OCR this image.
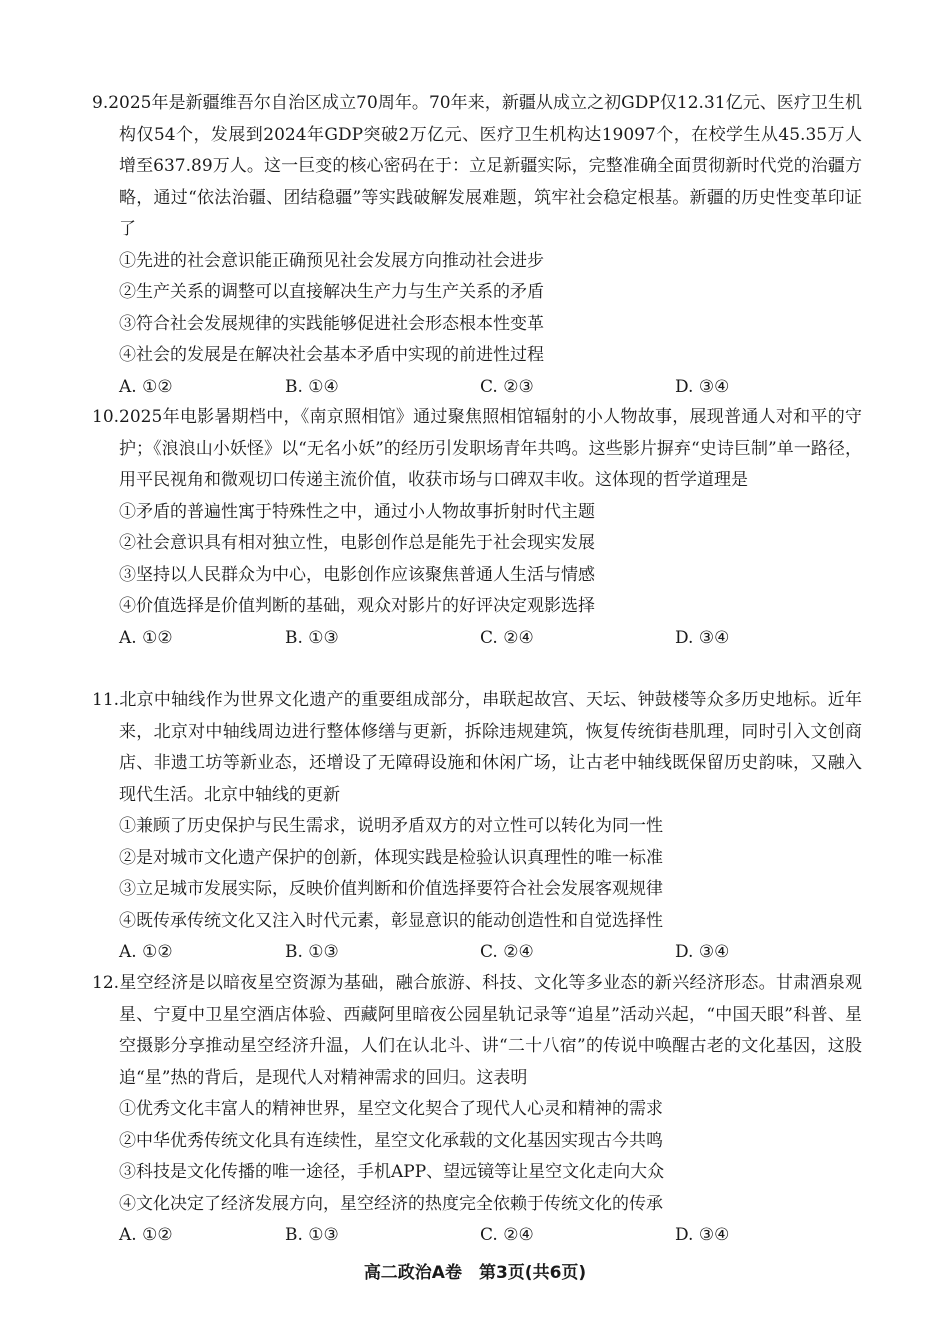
9.2025年是新疆维吾尔自治区成立70周年。70年来，新疆从成立之初GDP仅12.31亿元、医疗卫生机构仅54个，发展到2024年GDP突破2万亿元、医疗卫生机构达19097个，在校学生从45.35万人增至637.89万人。这一巨变的核心密码在于：立足新疆实际，完整准确全面贯彻新时代党的治疆方略，通过“依法治疆、团结稳疆”等实践破解发展难题，筑牢社会稳定根基。新疆的历史性变革印证了

①先进的社会意识能正确预见社会发展方向推动社会进步

②生产关系的调整可以直接解决生产力与生产关系的矛盾

③符合社会发展规律的实践能够促进社会形态根本性变革

④社会的发展是在解决社会基本矛盾中实现的前进性过程

A. ①②	B. ①④	C. ②③	D. ③④

10.2025年电影暑期档中，《南京照相馆》通过聚焦照相馆辐射的小人物故事，展现普通人对和平的守护；《浪浪山小妖怪》以“无名小妖”的经历引发职场青年共鸣。这些影片摒弃“史诗巨制”单一路径，用平民视角和微观切口传递主流价值，收获市场与口碑双丰收。这体现的哲学道理是

①矛盾的普遍性寓于特殊性之中，通过小人物故事折射时代主题

②社会意识具有相对独立性，电影创作总是能先于社会现实发展

③坚持以人民群众为中心，电影创作应该聚焦普通人生活与情感

④价值选择是价值判断的基础，观众对影片的好评决定观影选择

A. ①②	B. ①③	C. ②④	D. ③④

11.北京中轴线作为世界文化遗产的重要组成部分，串联起故宫、天坛、钟鼓楼等众多历史地标。近年来，北京对中轴线周边进行整体修缮与更新，拆除违规建筑，恢复传统街巷肌理，同时引入文创商店、非遗工坊等新业态，还增设了无障碍设施和休闲广场，让古老中轴线既保留历史韵味，又融入现代生活。北京中轴线的更新

①兼顾了历史保护与民生需求，说明矛盾双方的对立性可以转化为同一性

②是对城市文化遗产保护的创新，体现实践是检验认识真理性的唯一标准

③立足城市发展实际，反映价值判断和价值选择要符合社会发展客观规律

④既传承传统文化又注入时代元素，彰显意识的能动创造性和自觉选择性

A. ①②	B. ①③	C. ②④	D. ③④

12.星空经济是以暗夜星空资源为基础，融合旅游、科技、文化等多业态的新兴经济形态。甘肃酒泉观星、宁夏中卫星空酒店体验、西藏阿里暗夜公园星轨记录等“追星”活动兴起，“中国天眼”科普、星空摄影分享推动星空经济升温，人们在认北斗、讲“二十八宿”的传说中唤醒古老的文化基因，这股追“星”热的背后，是现代人对精神需求的回归。这表明

①优秀文化丰富人的精神世界，星空文化契合了现代人心灵和精神的需求

②中华优秀传统文化具有连续性，星空文化承载的文化基因实现古今共鸣

③科技是文化传播的唯一途径，手机APP、望远镜等让星空文化走向大众

④文化决定了经济发展方向，星空经济的热度完全依赖于传统文化的传承

A. ①②	B. ①③	C. ②④	D. ③④
高二政治A卷　第3页(共6页)
